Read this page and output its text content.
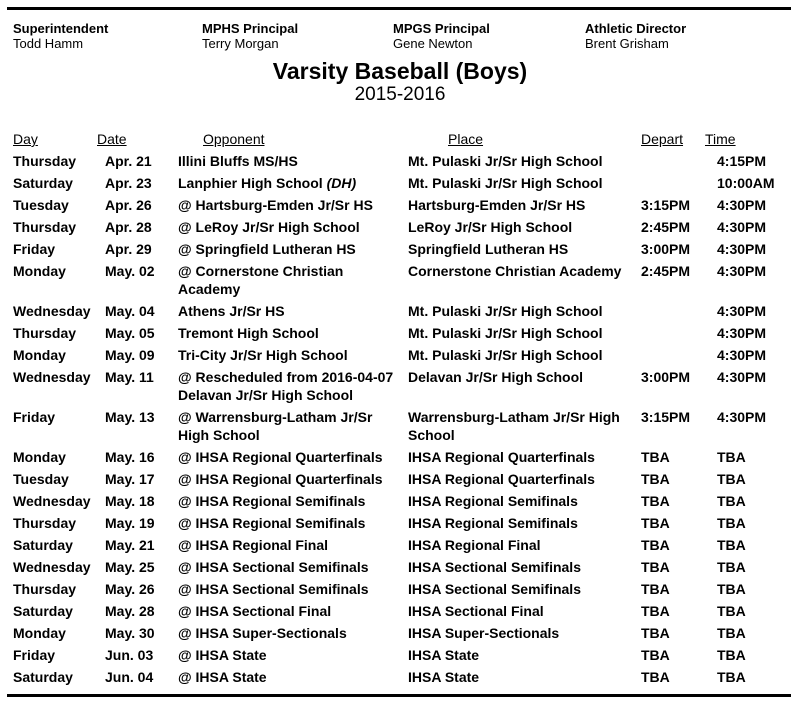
Superintendent
Todd Hamm
MPHS Principal
Terry Morgan
MPGS Principal
Gene Newton
Athletic Director
Brent Grisham
Varsity Baseball (Boys)
2015-2016
Day	Date	Opponent	Place	Depart	Time
Thursday	Apr. 21	Illini Bluffs MS/HS	Mt. Pulaski Jr/Sr High School		4:15PM
Saturday	Apr. 23	Lanphier High School (DH)	Mt. Pulaski Jr/Sr High School		10:00AM
Tuesday	Apr. 26	@ Hartsburg-Emden Jr/Sr HS	Hartsburg-Emden Jr/Sr HS	3:15PM	4:30PM
Thursday	Apr. 28	@ LeRoy Jr/Sr High School	LeRoy Jr/Sr High School	2:45PM	4:30PM
Friday	Apr. 29	@ Springfield Lutheran HS	Springfield Lutheran HS	3:00PM	4:30PM
Monday	May. 02	@ Cornerstone Christian Academy	Cornerstone Christian Academy	2:45PM	4:30PM
Wednesday	May. 04	Athens Jr/Sr HS	Mt. Pulaski Jr/Sr High School		4:30PM
Thursday	May. 05	Tremont High School	Mt. Pulaski Jr/Sr High School		4:30PM
Monday	May. 09	Tri-City Jr/Sr High School	Mt. Pulaski Jr/Sr High School		4:30PM
Wednesday	May. 11	@ Rescheduled from 2016-04-07 Delavan Jr/Sr High School	Delavan Jr/Sr High School	3:00PM	4:30PM
Friday	May. 13	@ Warrensburg-Latham Jr/Sr High School	Warrensburg-Latham Jr/Sr High School	3:15PM	4:30PM
Monday	May. 16	@ IHSA Regional Quarterfinals	IHSA Regional Quarterfinals	TBA	TBA
Tuesday	May. 17	@ IHSA Regional Quarterfinals	IHSA Regional Quarterfinals	TBA	TBA
Wednesday	May. 18	@ IHSA Regional Semifinals	IHSA Regional Semifinals	TBA	TBA
Thursday	May. 19	@ IHSA Regional Semifinals	IHSA Regional Semifinals	TBA	TBA
Saturday	May. 21	@ IHSA Regional Final	IHSA Regional Final	TBA	TBA
Wednesday	May. 25	@ IHSA Sectional Semifinals	IHSA Sectional Semifinals	TBA	TBA
Thursday	May. 26	@ IHSA Sectional Semifinals	IHSA Sectional Semifinals	TBA	TBA
Saturday	May. 28	@ IHSA Sectional Final	IHSA Sectional Final	TBA	TBA
Monday	May. 30	@ IHSA Super-Sectionals	IHSA Super-Sectionals	TBA	TBA
Friday	Jun. 03	@ IHSA State	IHSA State	TBA	TBA
Saturday	Jun. 04	@ IHSA State	IHSA State	TBA	TBA
